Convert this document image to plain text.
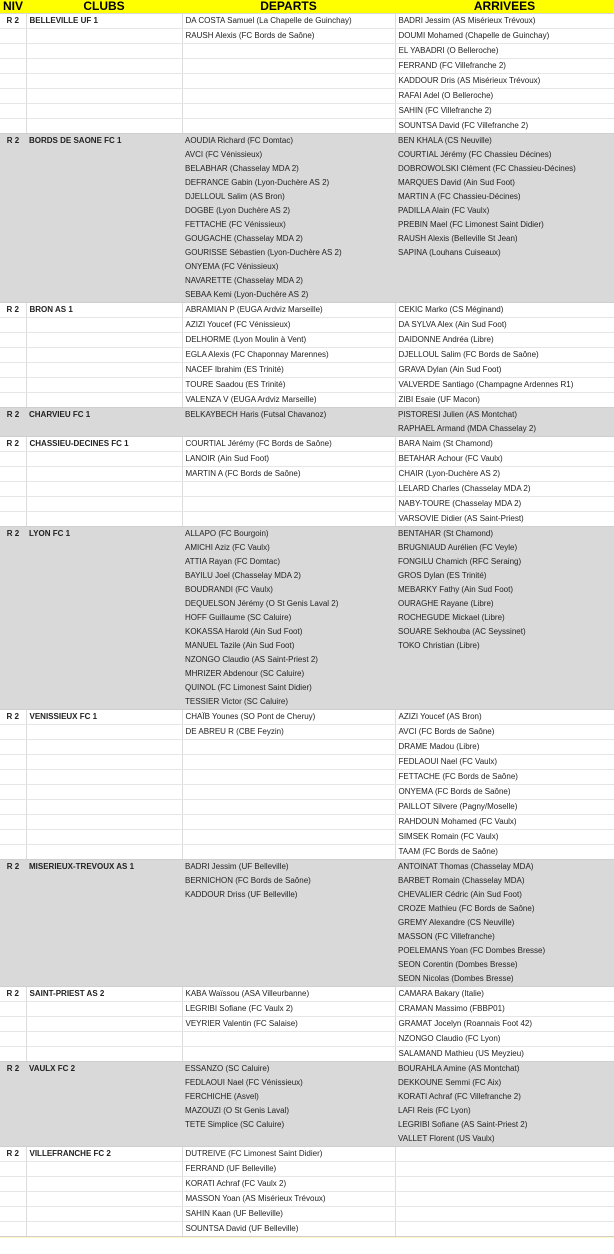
NIV	CLUBS	DEPARTS	ARRIVEES
R 2	BELLEVILLE UF 1	DA COSTA Samuel (La Chapelle de Guinchay)	BADRI Jessim (AS Misérieux Trévoux)
		RAUSH Alexis (FC Bords de Saône)	DOUMI Mohamed (Chapelle de Guinchay)
			EL YABADRI (O Belleroche)
			FERRAND (FC Villefranche 2)
			KADDOUR Dris (AS Misérieux Trévoux)
			RAFAI Adel (O Belleroche)
			SAHIN (FC Villefranche 2)
			SOUNTSA David (FC Villefranche 2)
R 2	BORDS DE SAONE FC 1	AOUDIA Richard (FC Domtac)	BEN KHALA (CS Neuville)
		AVCI (FC Vénissieux)	COURTIAL Jérémy (FC Chassieu Décines)
		BELABHAR (Chasselay MDA 2)	DOBROWOLSKI Clément (FC Chassieu-Décines)
		DEFRANCE Gabin (Lyon-Duchère AS 2)	MARQUES David (Ain Sud Foot)
		DJELLOUL Salim (AS Bron)	MARTIN A (FC Chassieu-Décines)
		DOGBE (Lyon Duchère AS 2)	PADILLA Alain (FC Vaulx)
		FETTACHE (FC Vénissieux)	PREBIN Mael (FC Limonest Saint Didier)
		GOUGACHE (Chasselay MDA 2)	RAUSH Alexis (Belleville St Jean)
		GOURISSE Sébastien (Lyon-Duchère AS 2)	SAPINA (Louhans Cuiseaux)
		ONYEMA (FC Vénissieux)	
		NAVARETTE (Chasselay MDA 2)	
		SEBAA Kemi (Lyon-Duchère AS 2)	
R 2	BRON AS 1	ABRAMIAN P (EUGA Ardviz Marseille)	CEKIC Marko (CS Méginand)
		AZIZI Youcef (FC Vénissieux)	DA SYLVA Alex (Ain Sud Foot)
		DELHORME (Lyon Moulin à Vent)	DAIDONNE Andréa (Libre)
		EGLA Alexis (FC Chaponnay Marennes)	DJELLOUL Salim (FC Bords de Saône)
		NACEF Ibrahim (ES Trinité)	GRAVA Dylan (Ain Sud Foot)
		TOURE Saadou (ES Trinité)	VALVERDE Santiago (Champagne Ardennes R1)
		VALENZA V (EUGA Ardviz Marseille)	ZIBI Esaie (UF Macon)
R 2	CHARVIEU FC 1	BELKAYBECH Haris (Futsal Chavanoz)	PISTORESI Julien (AS Montchat)
			RAPHAEL Armand (MDA Chasselay 2)
R 2	CHASSIEU-DECINES FC 1	COURTIAL Jérémy (FC Bords de Saône)	BARA Naim (St Chamond)
		LANOIR (Ain Sud Foot)	BETAHAR Achour (FC Vaulx)
		MARTIN A (FC Bords de Saône)	CHAIR (Lyon-Duchère AS 2)
			LELARD Charles (Chasselay MDA 2)
			NABY-TOURE (Chasselay MDA 2)
			VARSOVIE Didier (AS Saint-Priest)
R 2	LYON FC 1	ALLAPO (FC Bourgoin)	BENTAHAR (St Chamond)
		AMICHI Aziz (FC Vaulx)	BRUGNIAUD Aurélien (FC Veyle)
		ATTIA Rayan (FC Domtac)	FONGILU Chamich (RFC Seraing)
		BAYILU Joel (Chasselay MDA 2)	GROS Dylan (ES Trinité)
		BOUDRANDI (FC Vaulx)	MEBARKY Fathy (Ain Sud Foot)
		DEQUELSON Jérémy (O St Genis Laval 2)	OURAGHE Rayane (Libre)
		HOFF Guillaume (SC Caluire)	ROCHEGUDE Mickael (Libre)
		KOKASSA Harold (Ain Sud Foot)	SOUARE Sekhouba (AC Seyssinet)
		MANUEL Tazile (Ain Sud Foot)	TOKO Christian (Libre)
		NZONGO Claudio (AS Saint-Priest 2)	
		MHRIZER Abdenour (SC Caluire)	
		QUINOL (FC Limonest Saint Didier)	
		TESSIER Victor (SC Caluire)	
R 2	VENISSIEUX FC 1	CHAÏB Younes (SO Pont de Cheruy)	AZIZI Youcef (AS Bron)
		DE ABREU R (CBE Feyzin)	AVCI (FC Bords de Saône)
			DRAME Madou (Libre)
			FEDLAOUI Nael (FC Vaulx)
			FETTACHE (FC Bords de Saône)
			ONYEMA (FC Bords de Saône)
			PAILLOT Silvere (Pagny/Moselle)
			RAHDOUN Mohamed (FC Vaulx)
			SIMSEK Romain (FC Vaulx)
			TAAM (FC Bords de Saône)
R 2	MISERIEUX-TREVOUX AS 1	BADRI Jessim (UF Belleville)	ANTOINAT Thomas (Chasselay MDA)
		BERNICHON (FC Bords de Saône)	BARBET Romain (Chasselay MDA)
		KADDOUR Driss (UF Belleville)	CHEVALIER Cédric (Ain Sud Foot)
			CROZE Mathieu (FC Bords de Saône)
			GREMY Alexandre (CS Neuville)
			MASSON (FC Villefranche)
			POELEMANS Yoan (FC Dombes Bresse)
			SEON Corentin (Dombes Bresse)
			SEON Nicolas (Dombes Bresse)
R 2	SAINT-PRIEST AS 2	KABA Waïssou (ASA Villeurbanne)	CAMARA Bakary (Italie)
		LEGRIBI Sofiane (FC Vaulx 2)	CRAMAN Massimo (FBBP01)
		VEYRIER Valentin (FC Salaise)	GRAMAT Jocelyn (Roannais Foot 42)
			NZONGO Claudio (FC Lyon)
			SALAMAND Mathieu (US Meyzieu)
R 2	VAULX FC 2	ESSANZO (SC Caluire)	BOURAHLA Amine (AS Montchat)
		FEDLAOUI Nael (FC Vénissieux)	DEKKOUNE Semmi (FC Aix)
		FERCHICHE (Asvel)	KORATI Achraf (FC Villefranche 2)
		MAZOUZI (O St Genis Laval)	LAFI Reis (FC Lyon)
		TETE Simplice (SC Caluire)	LEGRIBI Sofiane (AS Saint-Priest 2)
			VALLET Florent (US Vaulx)
R 2	VILLEFRANCHE FC 2	DUTREIVE (FC Limonest Saint Didier)	
		FERRAND (UF Belleville)	
		KORATI Achraf (FC Vaulx 2)	
		MASSON Yoan (AS Misérieux Trévoux)	
		SAHIN Kaan (UF Belleville)	
		SOUNTSA David (UF Belleville)	
